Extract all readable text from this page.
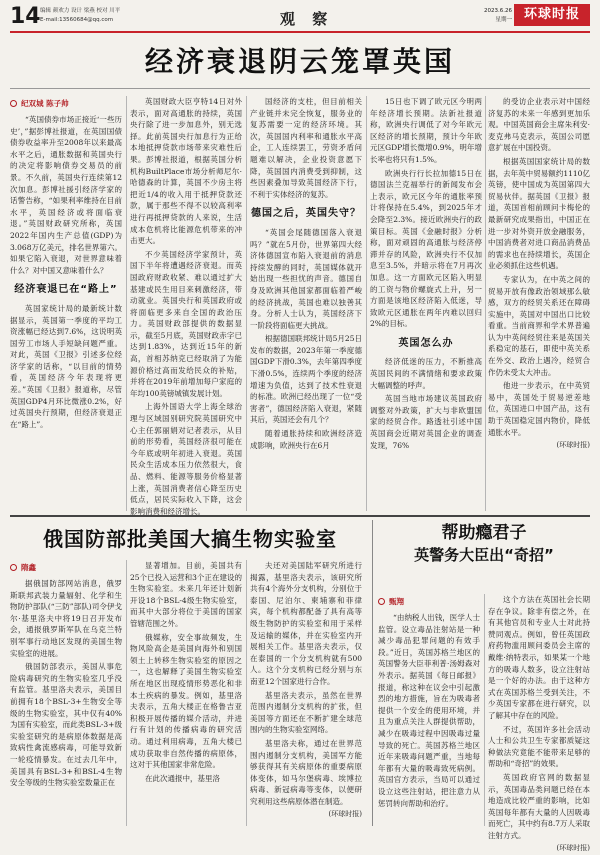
14 编辑 颜欢力 设计 梁燕 校对 川平
E-mail:13560684@qq.com	观 察	2023.6.26
星期一 环球时报
经济衰退阴云笼罩英国
纪双城 陈子帅

“英国债券市场正接近‘一些历史’，”据彭博社报道，在英国国债债券收益率升至2008年以来最高水平之后，通胀数据和英国央行的决定将影响债券交易员的前景。不久前，英国央行连续第12次加息。彭博社援引经济学家的话警告称，“如果利率维持在目前水平，英国经济或将面临衰退。”英国财政研究所称，英国2022年国内生产总值(GDP)为3.068万亿美元，排名世界第六。如果它陷入衰退，对世界意味着什么？对中国又意味着什么？

经济衰退已在“路上”

英国家统计局的最新统计数据显示，英国第一季度的平均工资涨幅已经达到7.6%，这说明英国劳工市场人手短缺问题严重。对此，英国《卫报》引述多位经济学家的话称，“以目前的情势看，英国经济今年表现将更差。”英国《卫报》报道称，尽管英国GDP4月环比微涨0.2%，好过英国央行预期，但经济衰退正在“路上”。

英国财政大臣亨特14日对外表示，面对高通胀的持续，英国央行除了进一步加息外，别无选择。此前英国央行加息行为正给本地抵押贷款市场带来灾难性后果。彭博社报道，根据英国分析机构BuiltPlace市场分析师尼尔·哈德森的计算，英国不少房主将把近1/4的收入用于抵押贷款还款，属于那些不得不以较高利率进行再抵押贷款的人来说，生活成本危机将比能源危机带来的冲击更大。

不少英国经济学家预计，英国下半年将遭遇经济衰退。而英国政府财政收紧、难以通过扩大基建或民生用目来刺激经济，带动就业。英国央行和英国政府或将面临更多来自全国的政治压力。英国财政部提供的数据显示，截至5月底，英国财政赤字已达到1.83%，达到近15年的新高，首相苏纳克已经取消了为能源价格过高而发给民众的补贴，并将在2019年前增加每户家庭的年均100英镑城镇发展计划。

上海外国语大学上海全球治理与区域国别研究院英国研究中心主任郭丽娟对记者表示，从目前的形势看，英国经济很可能在今年底或明年初进入衰退。英国民众生活成本压力依然很大，食品、燃料、能源等服务价格显著上涨，英国消费者信心降至历史低点，居民实际收入下降，这会影响消费和经济增长。

国经济的支柱，但目前相关产业链并未完全恢复，服务业的复苏需要一定的经济环境。其次，英国国内利率和通胀水平高企，工人连续罢工，劳资矛盾问题难以解决，企业投资意愿下降，英国国内消费受到抑制，这些因素叠加导致英国经济下行，不利于实体经济的复苏。

德国之后，英国失守？

“英国会尾随德国落入衰退吗？”就在5月份，世界第四大经济体德国宣布陷入衰退前的消息持续发酵的同时，英国媒体就开始出现一些担忧的声音。德国自身及欧洲其他国家都面临着严峻的经济挑战，英国也难以独善其身。分析人士认为，英国经济下一阶段将面临更大挑战。

根据德国联邦统计局5月25日发布的数据，2023年第一季度德国GDP下滑0.3%，去年第四季度下滑0.5%，连续两个季度的经济增速为负值，达到了技术性衰退的标准。欧洲已经出现了一位“受害者”，德国经济陷入衰退，紧随其后，英国还会有几个？

随着通胀持续和欧洲经济造成影响，欧洲央行在6月

15日也下调了欧元区今明两年经济增长预期。法新社报道称，欧洲央行调低了对今年欧元区经济的增长预期，预计今年欧元区GDP增长微增0.9%，明年增长率也将只有1.5%。

欧洲央行行长拉加德15日在德国法兰克福举行的新闻发布会上表示，欧元区今年的通胀率预计将保持在5.4%，到2025年才会降至2.3%。接近欧洲央行的政策目标。英国《金融时报》分析称，面对顽固的高通胀与经济停滞并存的风险，欧洲央行不仅加息至3.5%，并暗示将在7月再次加息。这一方面欧元区陷入明显的工资与物价螺旋式上升，另一方面是该地区经济陷入低迷，导致欧元区通胀在两年内难以回归2%的目标。

英国怎么办

经济低迷的压力，不断推高英国民间的不满情绪和要求政策大幅调整的呼声。

英国当地市场建议英国政府调整对外政策，扩大与非欧盟国家的经贸合作。路透社引述中国英国商会近期对英国企业的调查发现，76%

的受访企业表示对中国经济复苏的未来一年感到更加乐观。中国英国商会主席朱利安·麦克弗马克表示，英国公司愿意扩展在中国投资。

根据英国国家统计局的数据，去年英中贸易额约1110亿英镑，使中国成为英国第四大贸易伙伴。据英国《卫报》报道，英国首相前顾问卡梅伦的最新研究成果指出，中国正在进一步对外资开放金融服务，中国消费者对进口商品消费品的需求也在持续增长，英国企业必须抓住这些机遇。

专家认为，在中英之间的贸易开放有像政治领域那么敏感，双方的经贸关系还在障碍实施中，英国对中国出口比较看重。当前商界和学术界普遍认为中英间经贸往来是英国关系稳定的基石，即使中英关系在外交、政治上遇冷，经贸合作仍未受太大冲击。

他进一步表示，在中英贸易中，英国处于贸易逆差地位，英国进口中国产品，这有助于英国稳定国内物价，降低通胀水平。

(环球时报)
俄国防部批美国大搞生物实验室
隋鑫

据俄国防部网站消息，俄罗斯联邦武装力量辐射、化学和生物防护部队(“三防”部队)司令伊戈尔·基里洛夫中将19日召开发布会，通报俄罗斯军队在乌克兰特别军事行动地区发现的美国生物实验室的进展。

俄国防部表示，美国从事危险病毒研究的生物实验室几乎没有监管。基里洛夫表示，美国目前拥有18个BSL-3+生物安全等级的生物实验室，其中仅有40%为国有实验室，而此类BSL-3+级实验室研究的是病原体数据是高致病性禽流感病毒，可能导致新一轮疫情暴发。在过去几年中，美国具有BSL-3+和BSL-4生物安全等级的生物实验室数量正在

显著增加。目前，美国共有25个已投入运营和3个正在建设的生物实验室。未来几年还计划新开设18个BSL-4级生物实验室，而其中大部分将位于美国的国家管辖范围之外。

俄媒称，安全事故频发，生物风险高企是美国向海外和别国领土上转移生物实验室的原因之一，这也解释了美国生物实验室所在地区出现疫情形势恶化和非本土疾病的暴发。例如，基里洛夫表示，五角大楼正在格鲁吉亚积极开展传播的媒介活动，并进行有计划的传播病毒的研究活动。通过利用病毒，五角大楼已成功获取非自然传播的病原体，这对于其他国家非常危险。

在此次通报中，基里洛

夫还对美国陆军研究所进行揭露，基里洛夫表示，该研究所共有4个海外分支机构，分别位于泰国、尼泊尔、柬埔寨和菲律宾，每个机构都配备了具有高等级生物防护的实验室和用于采样及运输的媒体，并在实验室内开展相关工作。基里洛夫表示，仅在泰国的一个分支机构就有500人。这个分支机构已经分别与东南亚12个国家进行合作。

基里洛夫表示，虽然在世界范围内遏制分支机构的扩张，但美国等方面还在不断扩建全球范围内的生物实验室网络。

基里洛夫称，通过在世界范围内遏制分支机构，美国军方能够获得其有关病原体的重要病原体变体，如马尔堡病毒、埃博拉病毒、新冠病毒等变体，以便研究利用这些病原体潜在制造。

(环球时报)
帮助瘾君子
英警务大臣出“奇招”
甄翔

“由纳税人出钱，医学人士监管。设立毒品注射站是一种减少毒品犯罪问题的有效手段。”近日，英国苏格兰地区的英国警务大臣菲利普·汤姆森对外表示。据英国《每日邮报》报道，称这种在议会中引起激烈的地方措施，旨在为吸毒者提供一个安全的使用环境，并且为重点关注人群提供帮助，减少在吸毒过程中因吸毒过量导致的死亡。英国苏格兰地区近年来吸毒问题严重，当地每年都有大量的吸毒致死病例。英国官方表示，当局可以通过设立这些注射站，把注意力从惩罚转向帮助和治疗。

这个方法在英国社会长期存在争议。除非有偿之外，在有其他官员和专业人士对此持赞同观点。例如，曾任英国政府药物滥用顾问委员会主席的戴维·纳特表示，如果某一个地方的吸毒人数多，设立注射站是一个好的办法。由于这种方式在英国苏格兰受到关注，不少英国专家都在进行研究，以了解其中存在的风险。

不过，英国许多社会活动人士和公共卫生专家都质疑这种做法究竟能不能带来足够的帮助和“奇招”的效果。

英国政府官网的数据显示，英国毒品类问题已经在本地造成比较严重的影响，比如英国每年都有大量的人因吸毒而死亡，其中约有8.7万人采取注射方式。

(环球时报)
